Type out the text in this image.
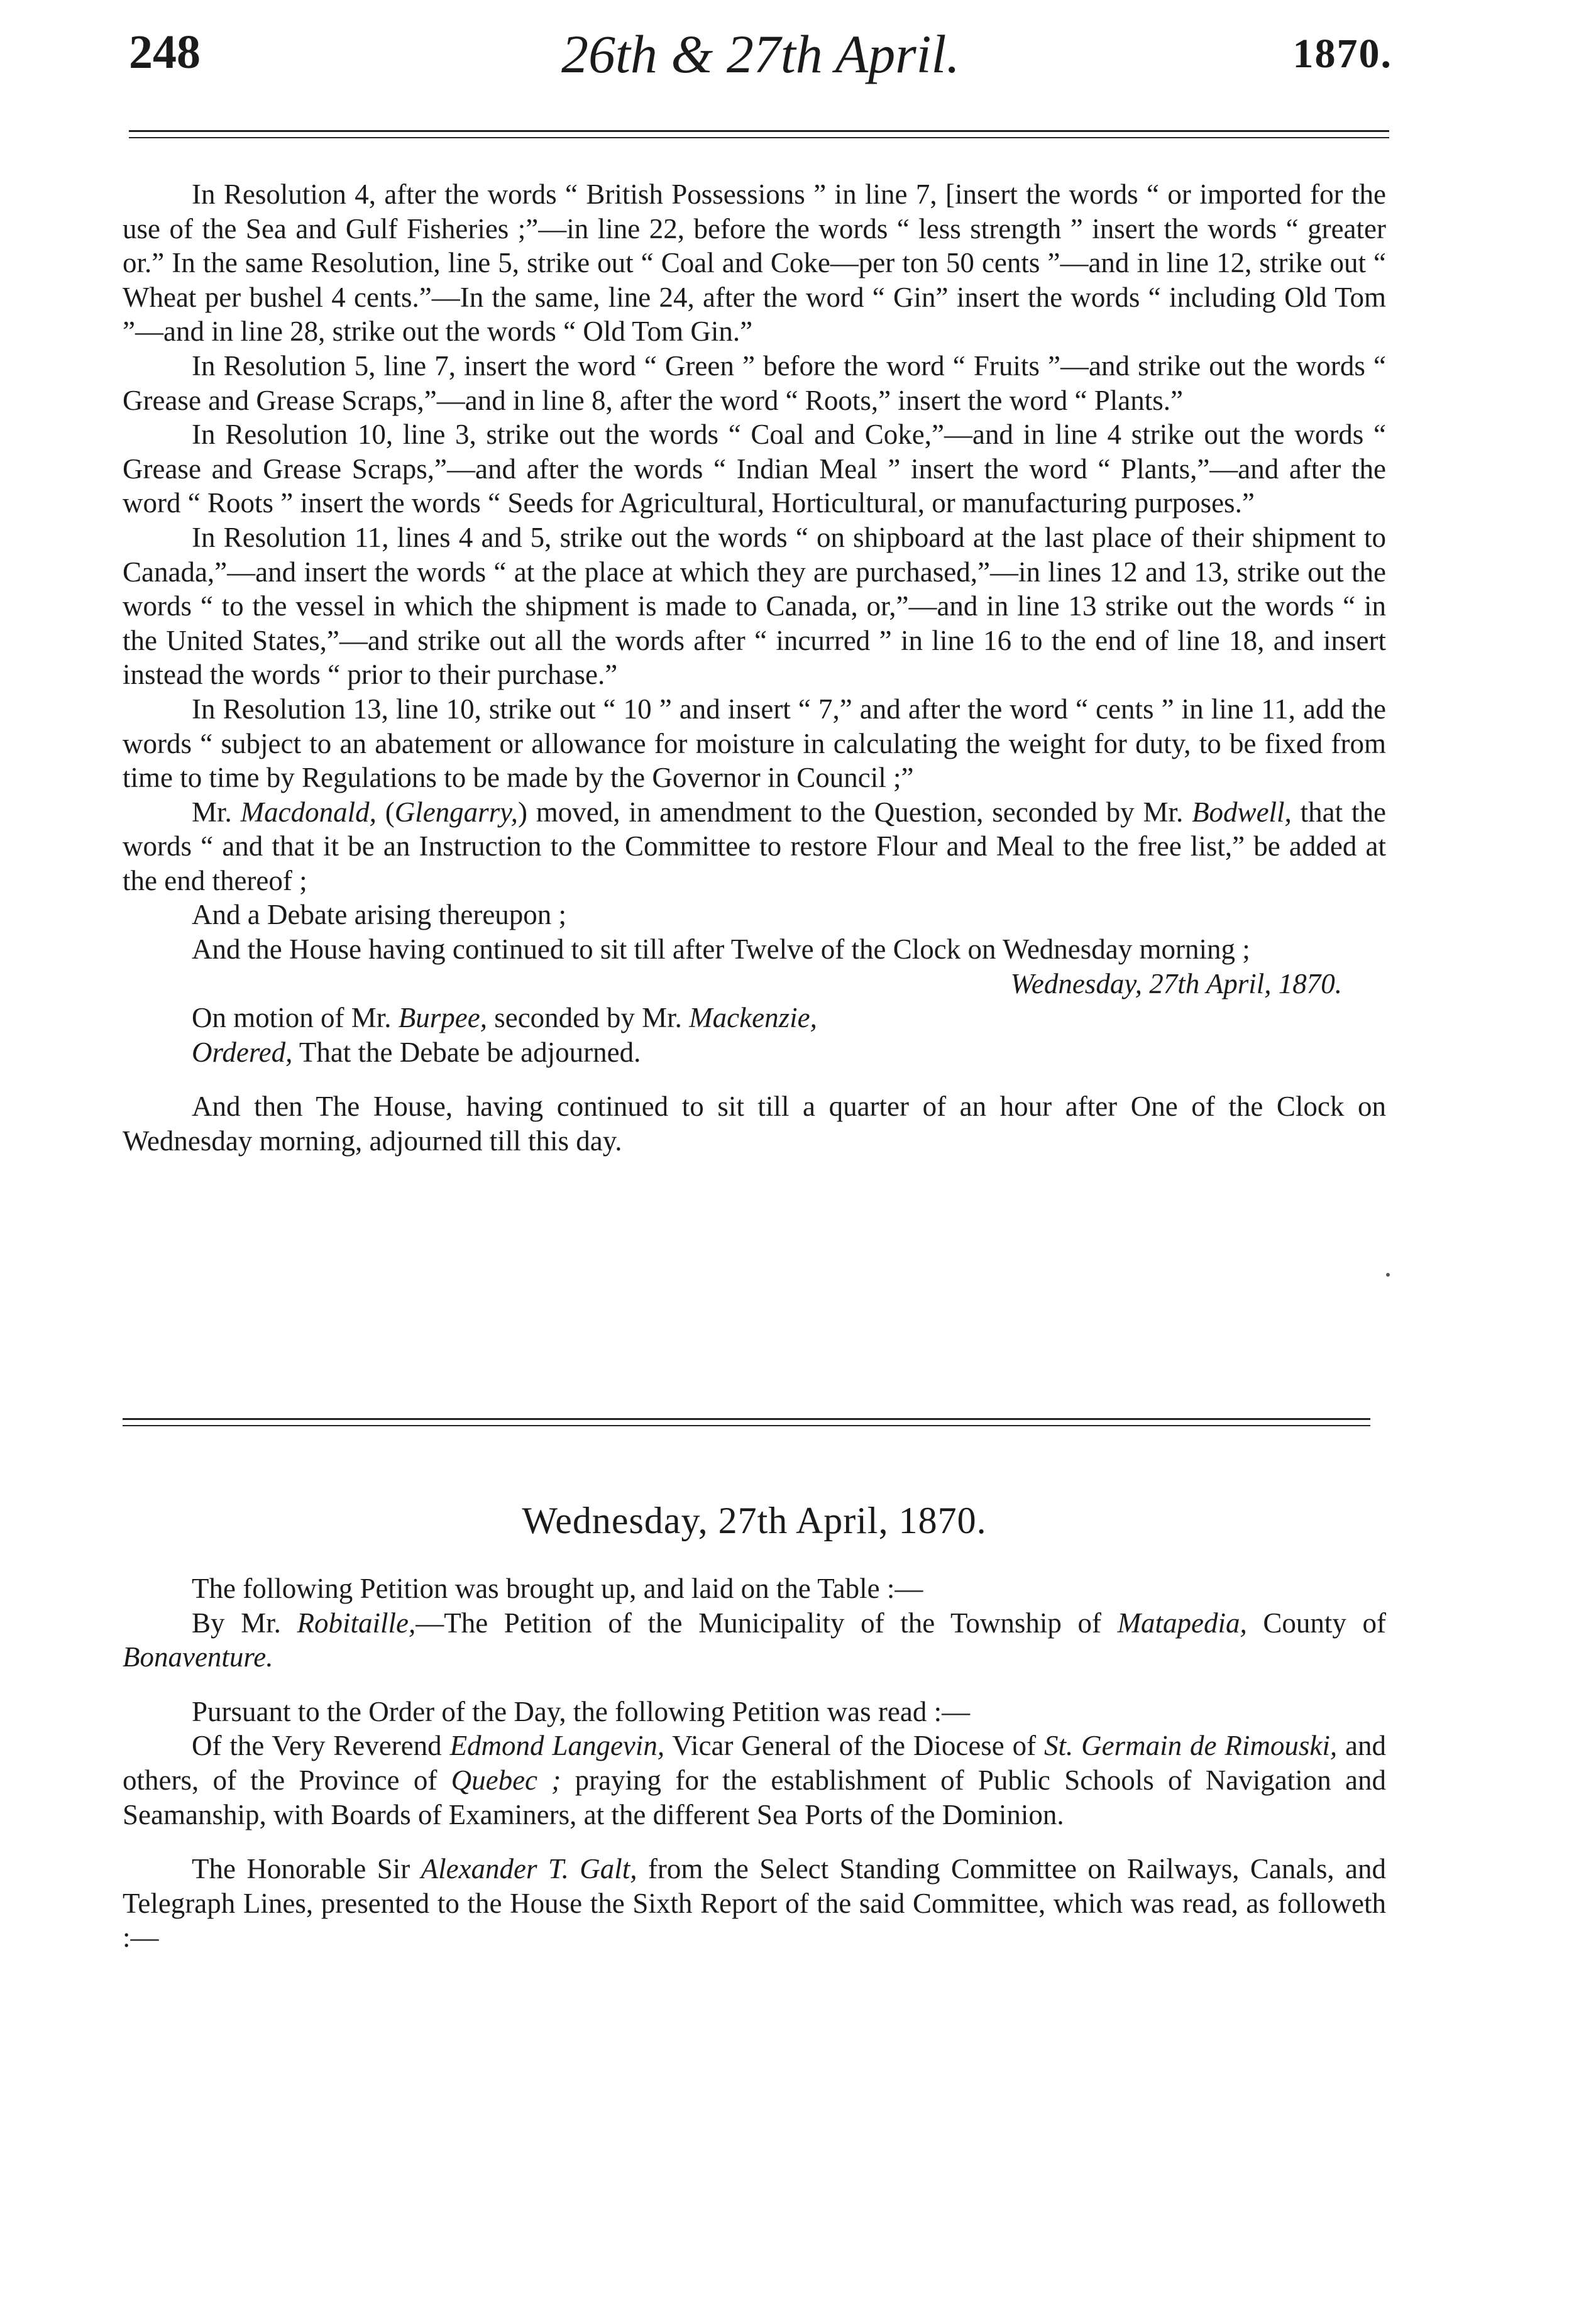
248	26th & 27th April.	1870.

In Resolution 4, after the words “ British Possessions ” in line 7, [insert the words “ or imported for the use of the Sea and Gulf Fisheries ;”—in line 22, before the words “ less strength ” insert the words “ greater or.” In the same Resolution, line 5, strike out “ Coal and Coke—per ton 50 cents ”—and in line 12, strike out “ Wheat per bushel 4 cents.”—In the same, line 24, after the word “ Gin” insert the words “ including Old Tom ”—and in line 28, strike out the words “ Old Tom Gin.”

In Resolution 5, line 7, insert the word “ Green ” before the word “ Fruits ”—and strike out the words “ Grease and Grease Scraps,”—and in line 8, after the word “ Roots,” insert the word “ Plants.”

In Resolution 10, line 3, strike out the words “ Coal and Coke,”—and in line 4 strike out the words “ Grease and Grease Scraps,”—and after the words “ Indian Meal ” insert the word “ Plants,”—and after the word “ Roots ” insert the words “ Seeds for Agricultural, Horticultural, or manufacturing purposes.”

In Resolution 11, lines 4 and 5, strike out the words “ on shipboard at the last place of their shipment to Canada,”—and insert the words “ at the place at which they are purchased,”—in lines 12 and 13, strike out the words “ to the vessel in which the shipment is made to Canada, or,”—and in line 13 strike out the words “ in the United States,”—and strike out all the words after “ incurred ” in line 16 to the end of line 18, and insert instead the words “ prior to their purchase.”

In Resolution 13, line 10, strike out “ 10 ” and insert “ 7,” and after the word “ cents ” in line 11, add the words “ subject to an abatement or allowance for moisture in calculating the weight for duty, to be fixed from time to time by Regulations to be made by the Governor in Council ;”

Mr. Macdonald, (Glengarry,) moved, in amendment to the Question, seconded by Mr. Bodwell, that the words “ and that it be an Instruction to the Committee to restore Flour and Meal to the free list,” be added at the end thereof ;

And a Debate arising thereupon ;

And the House having continued to sit till after Twelve of the Clock on Wednesday morning ;

Wednesday, 27th April, 1870.

On motion of Mr. Burpee, seconded by Mr. Mackenzie,

Ordered, That the Debate be adjourned.

And then The House, having continued to sit till a quarter of an hour after One of the Clock on Wednesday morning, adjourned till this day.

Wednesday, 27th April, 1870.

The following Petition was brought up, and laid on the Table :—

By Mr. Robitaille,—The Petition of the Municipality of the Township of Matapedia, County of Bonaventure.

Pursuant to the Order of the Day, the following Petition was read :—

Of the Very Reverend Edmond Langevin, Vicar General of the Diocese of St. Germain de Rimouski, and others, of the Province of Quebec ; praying for the establishment of Public Schools of Navigation and Seamanship, with Boards of Examiners, at the different Sea Ports of the Dominion.

The Honorable Sir Alexander T. Galt, from the Select Standing Committee on Railways, Canals, and Telegraph Lines, presented to the House the Sixth Report of the said Committee, which was read, as followeth :—
